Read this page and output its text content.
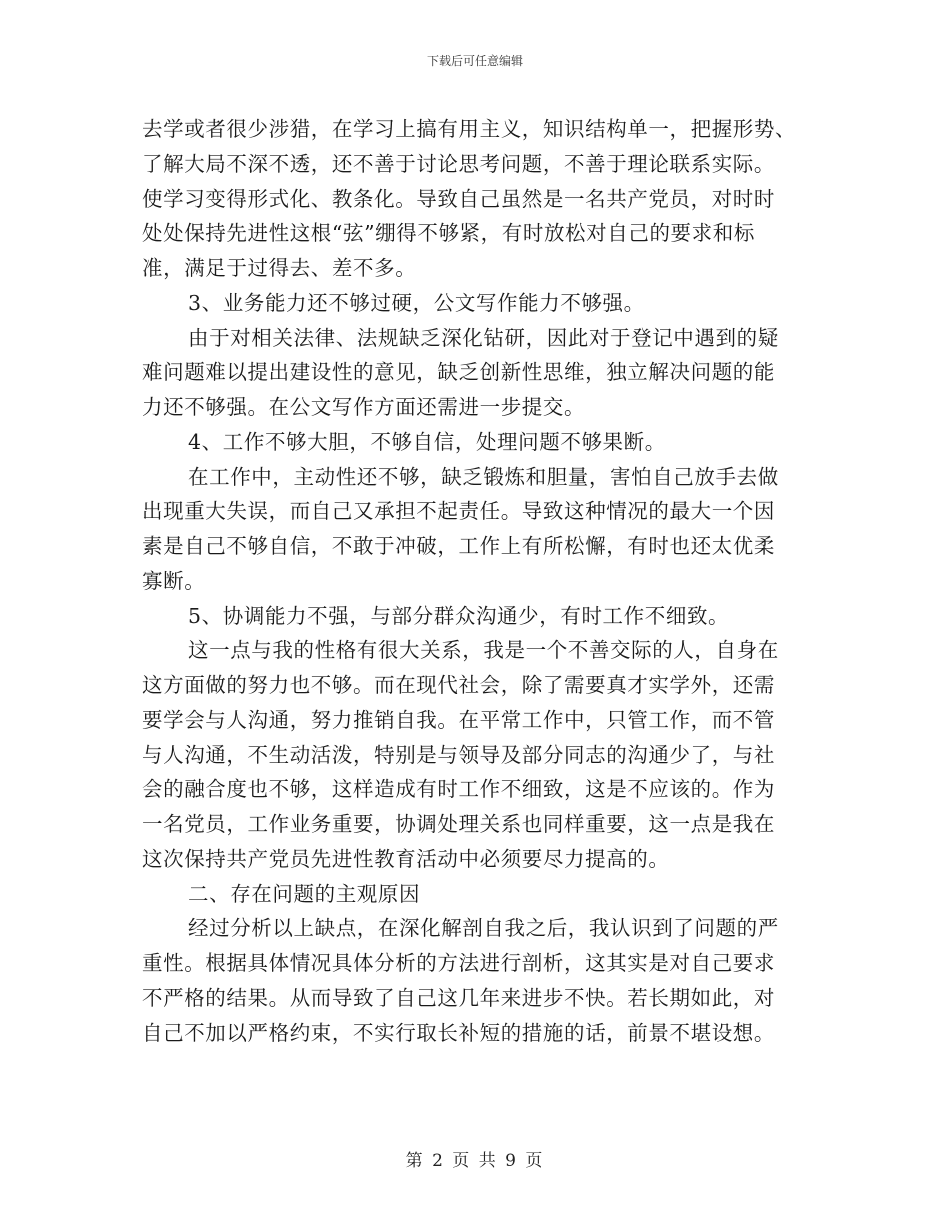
下载后可任意编辑
去学或者很少涉猎，在学习上搞有用主义，知识结构单一，把握形势、
了解大局不深不透，还不善于讨论思考问题，不善于理论联系实际。
使学习变得形式化、教条化。导致自己虽然是一名共产党员，对时时
处处保持先进性这根“弦”绷得不够紧，有时放松对自己的要求和标
准，满足于过得去、差不多。
3、业务能力还不够过硬，公文写作能力不够强。
由于对相关法律、法规缺乏深化钻研，因此对于登记中遇到的疑
难问题难以提出建设性的意见，缺乏创新性思维，独立解决问题的能
力还不够强。在公文写作方面还需进一步提交。
4、工作不够大胆，不够自信，处理问题不够果断。
在工作中，主动性还不够，缺乏锻炼和胆量，害怕自己放手去做
出现重大失误，而自己又承担不起责任。导致这种情况的最大一个因
素是自己不够自信，不敢于冲破，工作上有所松懈，有时也还太优柔
寡断。
5、协调能力不强，与部分群众沟通少，有时工作不细致。
这一点与我的性格有很大关系，我是一个不善交际的人，自身在
这方面做的努力也不够。而在现代社会，除了需要真才实学外，还需
要学会与人沟通，努力推销自我。在平常工作中，只管工作，而不管
与人沟通，不生动活泼，特别是与领导及部分同志的沟通少了，与社
会的融合度也不够，这样造成有时工作不细致，这是不应该的。作为
一名党员，工作业务重要，协调处理关系也同样重要，这一点是我在
这次保持共产党员先进性教育活动中必须要尽力提高的。
二、存在问题的主观原因
经过分析以上缺点，在深化解剖自我之后，我认识到了问题的严
重性。根据具体情况具体分析的方法进行剖析，这其实是对自己要求
不严格的结果。从而导致了自己这几年来进步不快。若长期如此，对
自己不加以严格约束，不实行取长补短的措施的话，前景不堪设想。
第 2 页 共 9 页
